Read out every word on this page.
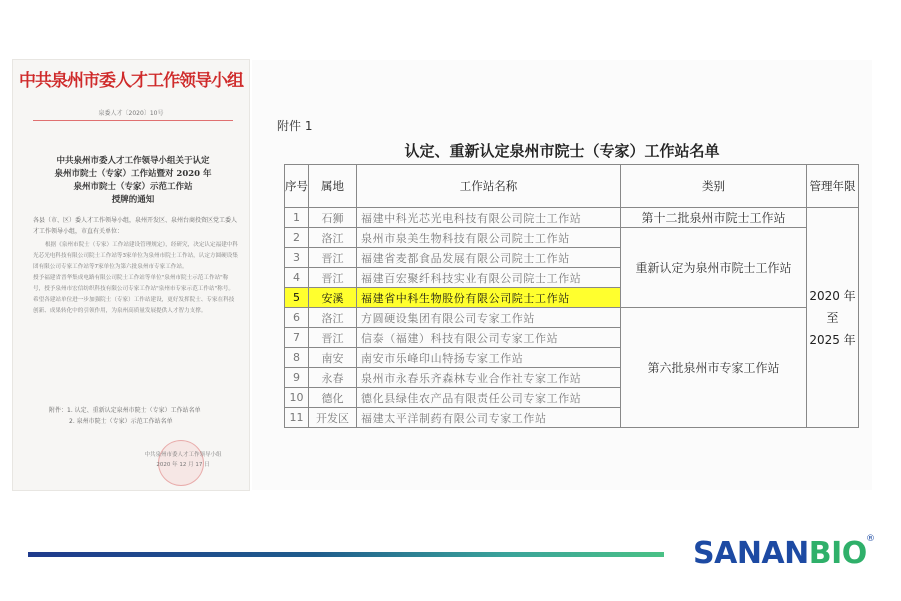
中共泉州市委人才工作领导小组
泉委人才〔2020〕10号
中共泉州市委人才工作领导小组关于认定
泉州市院士（专家）工作站暨对 2020 年
泉州市院士（专家）示范工作站
授牌的通知
各县（市、区）委人才工作领导小组，泉州开发区、泉州台商投资区党工委人才工作领导小组，市直有关单位：
根据《泉州市院士（专家）工作站建设管理规定》，经研究，决定认定福建中科光芯光电科技有限公司院士工作站等3家单位为泉州市院士工作站，认定方圆硬设集团有限公司专家工作站等7家单位为第六批泉州市专家工作站。
授予福建省晋华集成电路有限公司院士工作站等单位"泉州市院士示范工作站"称号，授予泉州市宏信纺织科技有限公司专家工作站"泉州市专家示范工作站"称号。
希望各建站单位进一步加强院士（专家）工作站建设，更好发挥院士、专家在科技创新、成果转化中的引领作用，为泉州高质量发展提供人才智力支撑。
附件：1. 认定、重新认定泉州市院士（专家）工作站名单
2. 泉州市院士（专家）示范工作站名单
中共泉州市委人才工作领导小组
2020 年 12 月 17 日
附件 1
认定、重新认定泉州市院士（专家）工作站名单
序号	属地	工作站名称	类别	管理年限
1	石狮	福建中科光芯光电科技有限公司院士工作站	第十二批泉州市院士工作站	2020 年
至
2025 年

2	洛江	泉州市泉美生物科技有限公司院士工作站	重新认定为泉州市院士工作站	
3	晋江	福建省麦都食品发展有限公司院士工作站		
4	晋江	福建百宏聚纤科技实业有限公司院士工作站		
5	安溪	福建省中科生物股份有限公司院士工作站		
6	洛江	方圆硬设集团有限公司专家工作站	第六批泉州市专家工作站	
7	晋江	信泰（福建）科技有限公司专家工作站		
8	南安	南安市乐峰印山特扬专家工作站		
9	永春	泉州市永春乐齐森林专业合作社专家工作站		
10	德化	德化县绿佳农产品有限责任公司专家工作站		
11	开发区	福建太平洋制药有限公司专家工作站		
SANANBIO ®
